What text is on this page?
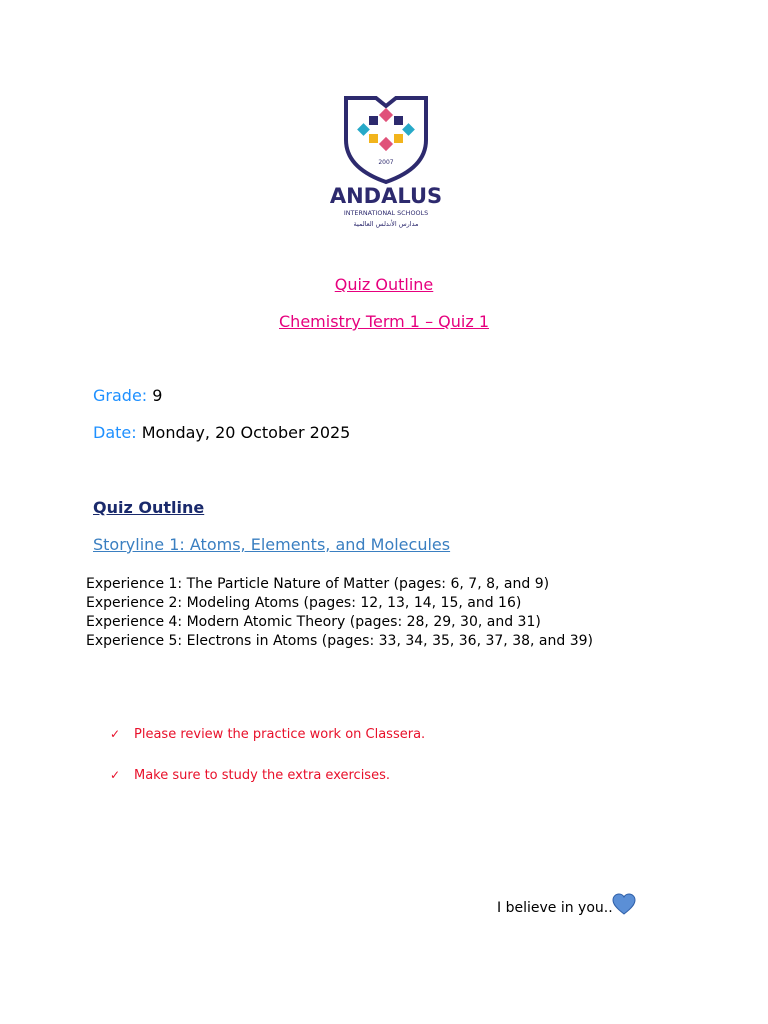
2007
ANDALUS
INTERNATIONAL SCHOOLS
مدارس الأندلس العالمية
Quiz Outline
Chemistry Term 1 – Quiz 1
Grade: 9
Date: Monday, 20 October 2025
Quiz Outline
Storyline 1: Atoms, Elements, and Molecules
Experience 1: The Particle Nature of Matter (pages: 6, 7, 8, and 9)
Experience 2: Modeling Atoms (pages: 12, 13, 14, 15, and 16)
Experience 4: Modern Atomic Theory (pages: 28, 29, 30, and 31)
Experience 5: Electrons in Atoms (pages: 33, 34, 35, 36, 37, 38, and 39)
✓	Please review the practice work on Classera.
✓	Make sure to study the extra exercises.
I believe in you..
